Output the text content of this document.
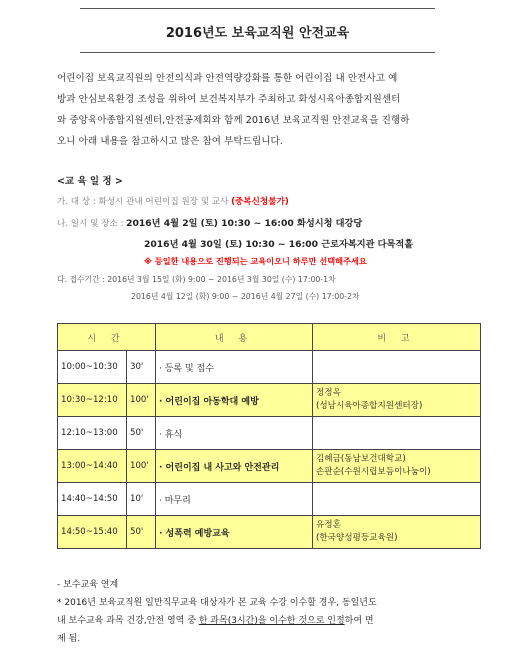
2016년도 보육교직원 안전교육
어린이집 보육교직원의 안전의식과 안전역량강화를 통한 어린이집 내 안전사고 예
방과 안심보육환경 조성을 위하여 보건복지부가 주최하고 화성시육아종합지원센터
와 중앙육아종합지원센터,안전공제회와 함께 2016년 보육교직원 안전교육을 진행하
오니 아래 내용을 참고하시고 많은 참여 부탁드립니다.
<교 육 일 정 >
가. 대 상 : 화성시 관내 어린이집 원장 및 교사 (중복신청불가)
나. 일시 및 장소 : 2016년 4월 2일 (토) 10:30 ~ 16:00 화성시청 대강당
2016년 4월 30일 (토) 10:30 ~ 16:00 근로자복지관 다목적홀
※ 등일한 내용으로 진행되는 교육이오니 하루만 선택해주세요
다. 접수기간 : 2016년 3월 15일 (화) 9:00 ~ 2016년 3월 30일 (수) 17:00-1차
2016년 4월 12일 (화) 9:00 ~ 2016년 4월 27일 (수) 17:00-2차
시 간		내 용	비 고
10:00~10:30	30'	· 등록 및 접수	
10:30~12:10	100'	· 어린이집 아동학대 예방	정정옥
(성남시육아종합지원센터장)

12:10~13:00	50'	· 휴식	
13:00~14:40	100'	· 어린이집 내 사고와 안전관리	김혜금(동남보건대학교)
손판순(수원시립보듬이나눔이)

14:40~14:50	10'	· 마무리	
14:50~15:40	50'	· 성폭력 예방교육	유정혼
(한국양성평등교육원)
- 보수교육 연계
* 2016년 보육교직원 일반직무교육 대상자가 본 교육 수강 이수할 경우, 동일년도
내 보수교육 과목 건강,안전 영역 중 한 과목(3시간)을 이수한 것으로 인정하여 면
제 됨.
